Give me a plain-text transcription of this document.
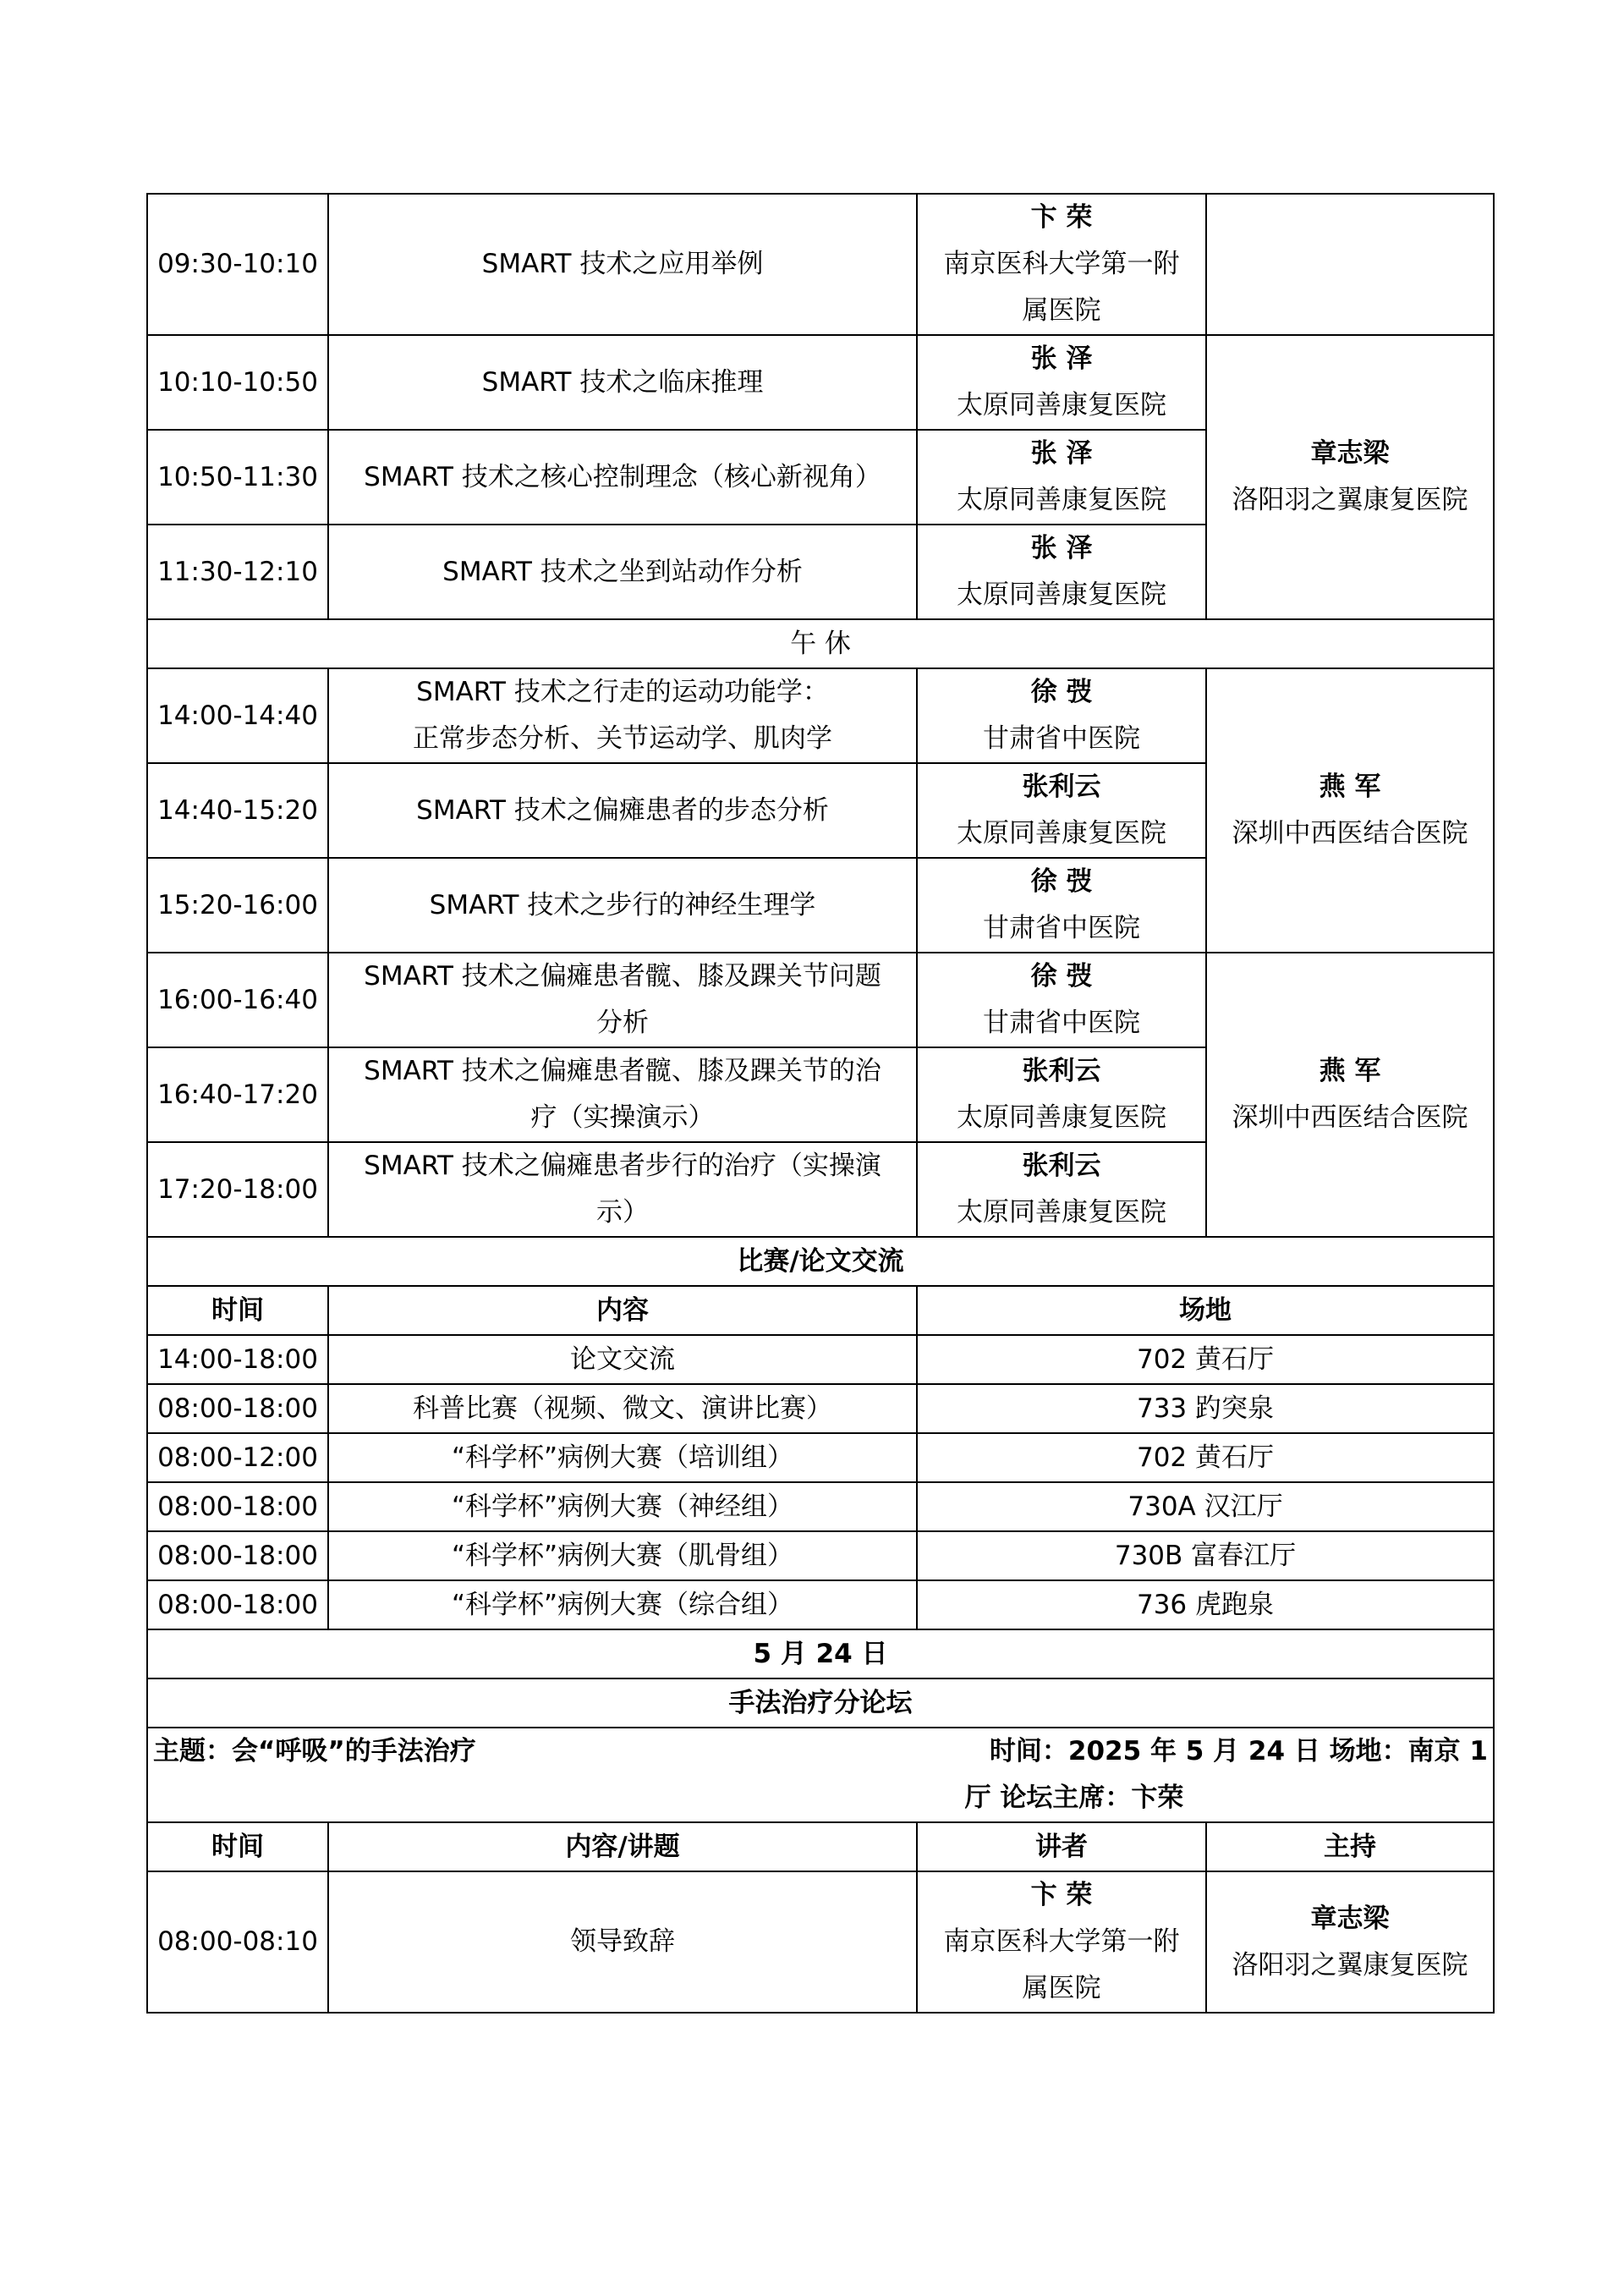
09:30-10:10	SMART 技术之应用举例	卞 荣
南京医科大学第一附
属医院	

10:10-10:50	SMART 技术之临床推理	张 泽
太原同善康复医院	章志梁
洛阳羽之翼康复医院

10:50-11:30	SMART 技术之核心控制理念（核心新视角）	张 泽
太原同善康复医院	

11:30-12:10	SMART 技术之坐到站动作分析	张 泽
太原同善康复医院	

午 休			
14:00-14:40	SMART 技术之行走的运动功能学：
正常步态分析、关节运动学、肌肉学	徐 弢
甘肃省中医院	燕 军
深圳中西医结合医院

14:40-15:20	SMART 技术之偏瘫患者的步态分析	张利云
太原同善康复医院	

15:20-16:00	SMART 技术之步行的神经生理学	徐 弢
甘肃省中医院	

16:00-16:40	SMART 技术之偏瘫患者髋、膝及踝关节问题
分析	徐 弢
甘肃省中医院	燕 军
深圳中西医结合医院

16:40-17:20	SMART 技术之偏瘫患者髋、膝及踝关节的治
疗（实操演示）	张利云
太原同善康复医院	

17:20-18:00	SMART 技术之偏瘫患者步行的治疗（实操演
示）	张利云
太原同善康复医院	

比赛/论文交流			
时间	内容	场地	
14:00-18:00	论文交流	702 黄石厅	
08:00-18:00	科普比赛（视频、微文、演讲比赛）	733 趵突泉	
08:00-12:00	“科学杯”病例大赛（培训组）	702 黄石厅	
08:00-18:00	“科学杯”病例大赛（神经组）	730A 汉江厅	
08:00-18:00	“科学杯”病例大赛（肌骨组）	730B 富春江厅	
08:00-18:00	“科学杯”病例大赛（综合组）	736 虎跑泉	
5 月 24 日			
手法治疗分论坛			

主题：会“呼吸”的手法治疗 时间：2025 年 5 月 24 日 场地：南京 1
厅 论坛主席：卞荣			

时间	内容/讲题	讲者	主持
08:00-08:10	领导致辞	卞 荣
南京医科大学第一附
属医院	章志梁
洛阳羽之翼康复医院
